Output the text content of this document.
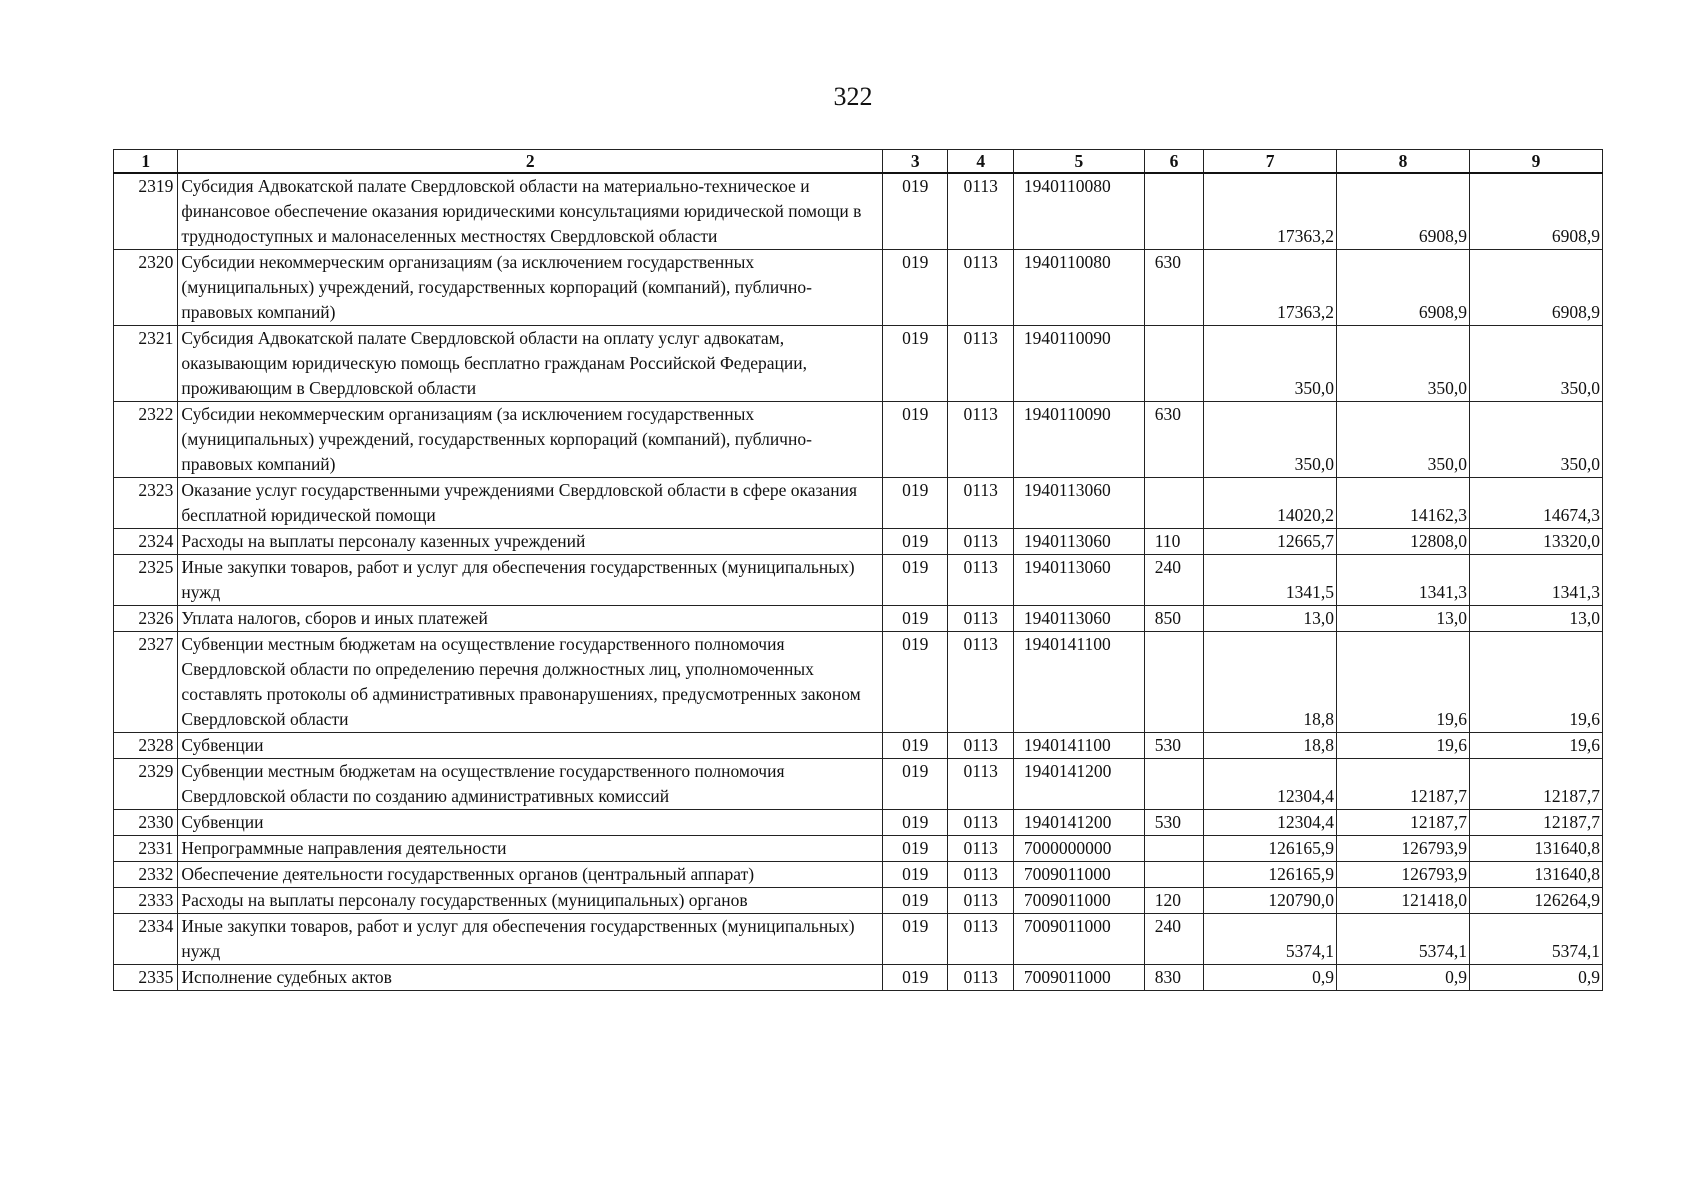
322
1	2	3	4	5	6	7	8	9
2319	Субсидия Адвокатской палате Свердловской области на материально-техническое и финансовое обеспечение оказания юридическими консультациями юридической помощи в труднодоступных и малонаселенных местностях Свердловской области	019	0113	1940110080		17363,2	6908,9	6908,9
2320	Субсидии некоммерческим организациям (за исключением государственных (муниципальных) учреждений, государственных корпораций (компаний), публично-правовых компаний)	019	0113	1940110080	630	17363,2	6908,9	6908,9
2321	Субсидия Адвокатской палате Свердловской области на оплату услуг адвокатам, оказывающим юридическую помощь бесплатно гражданам Российской Федерации, проживающим в Свердловской области	019	0113	1940110090		350,0	350,0	350,0
2322	Субсидии некоммерческим организациям (за исключением государственных (муниципальных) учреждений, государственных корпораций (компаний), публично-правовых компаний)	019	0113	1940110090	630	350,0	350,0	350,0
2323	Оказание услуг государственными учреждениями Свердловской области в сфере оказания бесплатной юридической помощи	019	0113	1940113060		14020,2	14162,3	14674,3
2324	Расходы на выплаты персоналу казенных учреждений	019	0113	1940113060	110	12665,7	12808,0	13320,0
2325	Иные закупки товаров, работ и услуг для обеспечения государственных (муниципальных) нужд	019	0113	1940113060	240	1341,5	1341,3	1341,3
2326	Уплата налогов, сборов и иных платежей	019	0113	1940113060	850	13,0	13,0	13,0
2327	Субвенции местным бюджетам на осуществление государственного полномочия Свердловской области по определению перечня должностных лиц, уполномоченных составлять протоколы об административных правонарушениях, предусмотренных законом Свердловской области	019	0113	1940141100		18,8	19,6	19,6
2328	Субвенции	019	0113	1940141100	530	18,8	19,6	19,6
2329	Субвенции местным бюджетам на осуществление государственного полномочия Свердловской области по созданию административных комиссий	019	0113	1940141200		12304,4	12187,7	12187,7
2330	Субвенции	019	0113	1940141200	530	12304,4	12187,7	12187,7
2331	Непрограммные направления деятельности	019	0113	7000000000		126165,9	126793,9	131640,8
2332	Обеспечение деятельности государственных органов (центральный аппарат)	019	0113	7009011000		126165,9	126793,9	131640,8
2333	Расходы на выплаты персоналу государственных (муниципальных) органов	019	0113	7009011000	120	120790,0	121418,0	126264,9
2334	Иные закупки товаров, работ и услуг для обеспечения государственных (муниципальных) нужд	019	0113	7009011000	240	5374,1	5374,1	5374,1
2335	Исполнение судебных актов	019	0113	7009011000	830	0,9	0,9	0,9
